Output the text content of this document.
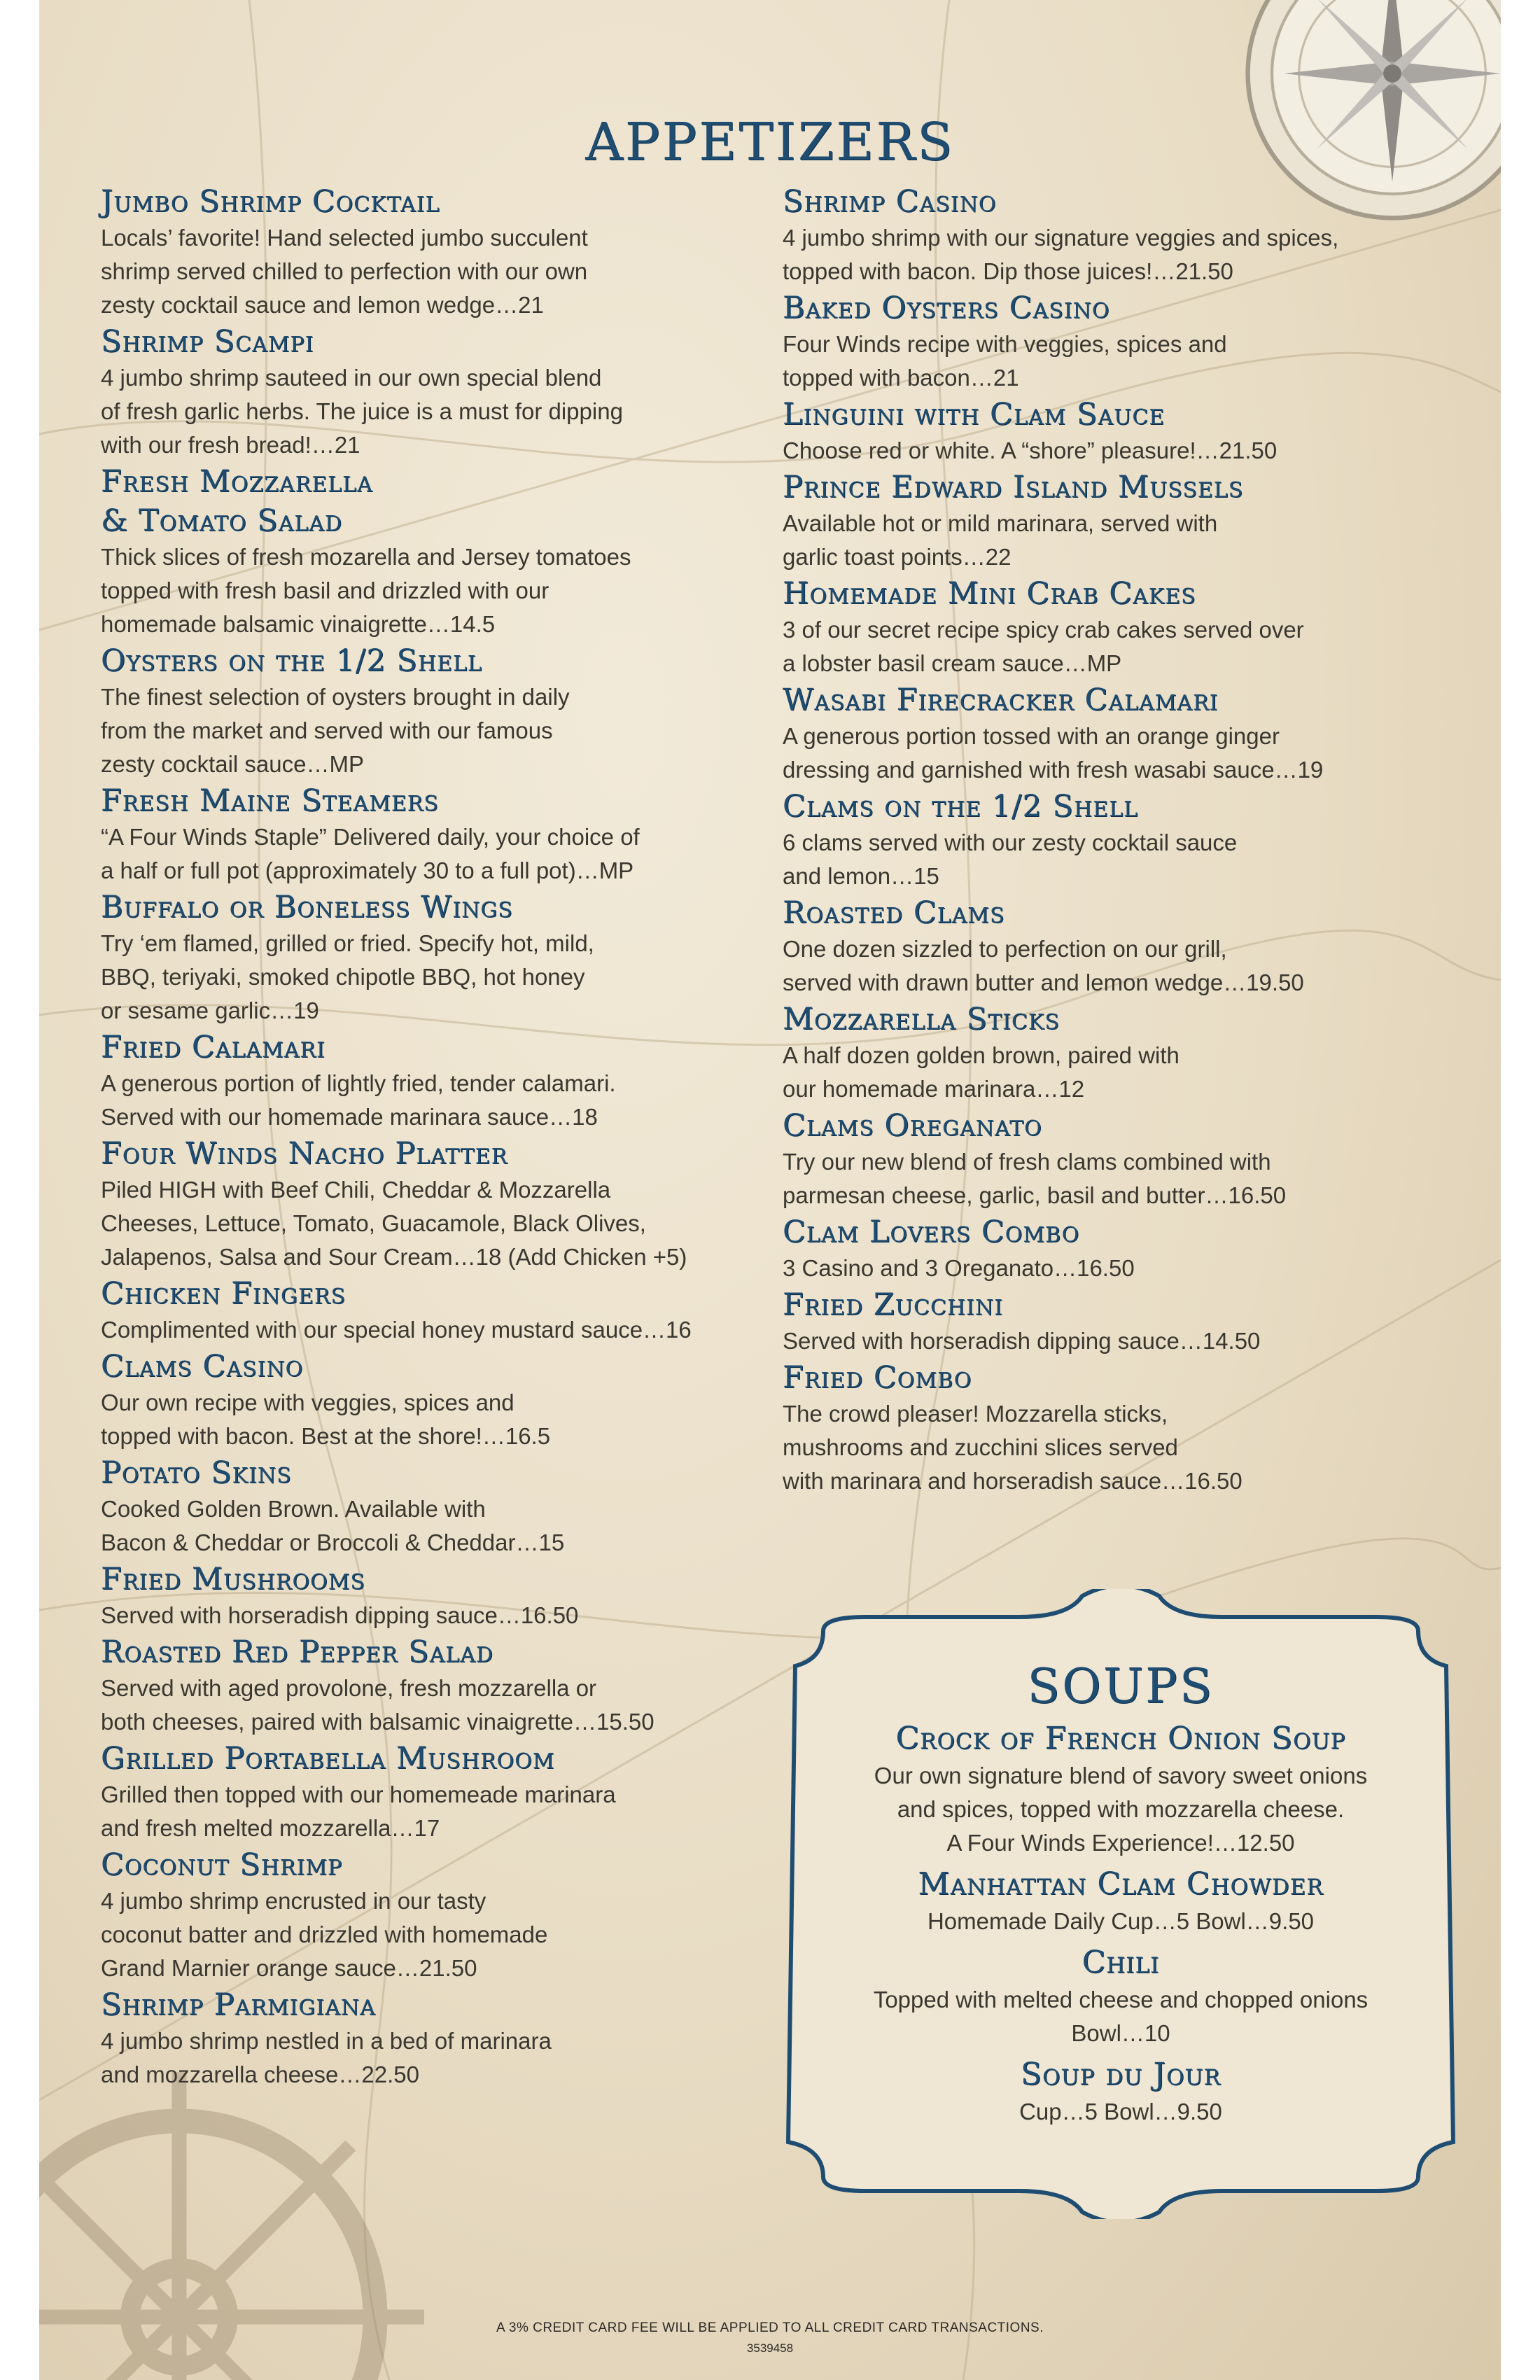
APPETIZERS
Jumbo Shrimp Cocktail
Locals’ favorite! Hand selected jumbo succulent
shrimp served chilled to perfection with our own
zesty cocktail sauce and lemon wedge…21
Shrimp Scampi
4 jumbo shrimp sauteed in our own special blend
of fresh garlic herbs. The juice is a must for dipping
with our fresh bread!…21
Fresh Mozzarella
& Tomato Salad
Thick slices of fresh mozarella and Jersey tomatoes
topped with fresh basil and drizzled with our
homemade balsamic vinaigrette…14.5
Oysters on the 1/2 Shell
The finest selection of oysters brought in daily
from the market and served with our famous
zesty cocktail sauce…MP
Fresh Maine Steamers
“A Four Winds Staple” Delivered daily, your choice of
a half or full pot (approximately 30 to a full pot)…MP
Buffalo or Boneless Wings
Try ‘em flamed, grilled or fried. Specify hot, mild,
BBQ, teriyaki, smoked chipotle BBQ, hot honey
or sesame garlic…19
Fried Calamari
A generous portion of lightly fried, tender calamari.
Served with our homemade marinara sauce…18
Four Winds Nacho Platter
Piled HIGH with Beef Chili, Cheddar & Mozzarella
Cheeses, Lettuce, Tomato, Guacamole, Black Olives,
Jalapenos, Salsa and Sour Cream…18 (Add Chicken +5)
Chicken Fingers
Complimented with our special honey mustard sauce…16
Clams Casino
Our own recipe with veggies, spices and
topped with bacon. Best at the shore!…16.5
Potato Skins
Cooked Golden Brown. Available with
Bacon & Cheddar or Broccoli & Cheddar…15
Fried Mushrooms
Served with horseradish dipping sauce…16.50
Roasted Red Pepper Salad
Served with aged provolone, fresh mozzarella or
both cheeses, paired with balsamic vinaigrette…15.50
Grilled Portabella Mushroom
Grilled then topped with our homemeade marinara
and fresh melted mozzarella…17
Coconut Shrimp
4 jumbo shrimp encrusted in our tasty
coconut batter and drizzled with homemade
Grand Marnier orange sauce…21.50
Shrimp Parmigiana
4 jumbo shrimp nestled in a bed of marinara
and mozzarella cheese…22.50
Shrimp Casino
4 jumbo shrimp with our signature veggies and spices,
topped with bacon. Dip those juices!…21.50
Baked Oysters Casino
Four Winds recipe with veggies, spices and
topped with bacon…21
Linguini with Clam Sauce
Choose red or white. A “shore” pleasure!…21.50
Prince Edward Island Mussels
Available hot or mild marinara, served with
garlic toast points…22
Homemade Mini Crab Cakes
3 of our secret recipe spicy crab cakes served over
a lobster basil cream sauce…MP
Wasabi Firecracker Calamari
A generous portion tossed with an orange ginger
dressing and garnished with fresh wasabi sauce…19
Clams on the 1/2 Shell
6 clams served with our zesty cocktail sauce
and lemon…15
Roasted Clams
One dozen sizzled to perfection on our grill,
served with drawn butter and lemon wedge…19.50
Mozzarella Sticks
A half dozen golden brown, paired with
our homemade marinara…12
Clams Oreganato
Try our new blend of fresh clams combined with
parmesan cheese, garlic, basil and butter…16.50
Clam Lovers Combo
3 Casino and 3 Oreganato…16.50
Fried Zucchini
Served with horseradish dipping sauce…14.50
Fried Combo
The crowd pleaser! Mozzarella sticks,
mushrooms and zucchini slices served
with marinara and horseradish sauce…16.50
SOUPS
Crock of French Onion Soup
Our own signature blend of savory sweet onions
and spices, topped with mozzarella cheese.
A Four Winds Experience!…12.50
Manhattan Clam Chowder
Homemade Daily Cup…5 Bowl…9.50
Chili
Topped with melted cheese and chopped onions
Bowl…10
Soup du Jour
Cup…5 Bowl…9.50
A 3% CREDIT CARD FEE WILL BE APPLIED TO ALL CREDIT CARD TRANSACTIONS.
3539458
